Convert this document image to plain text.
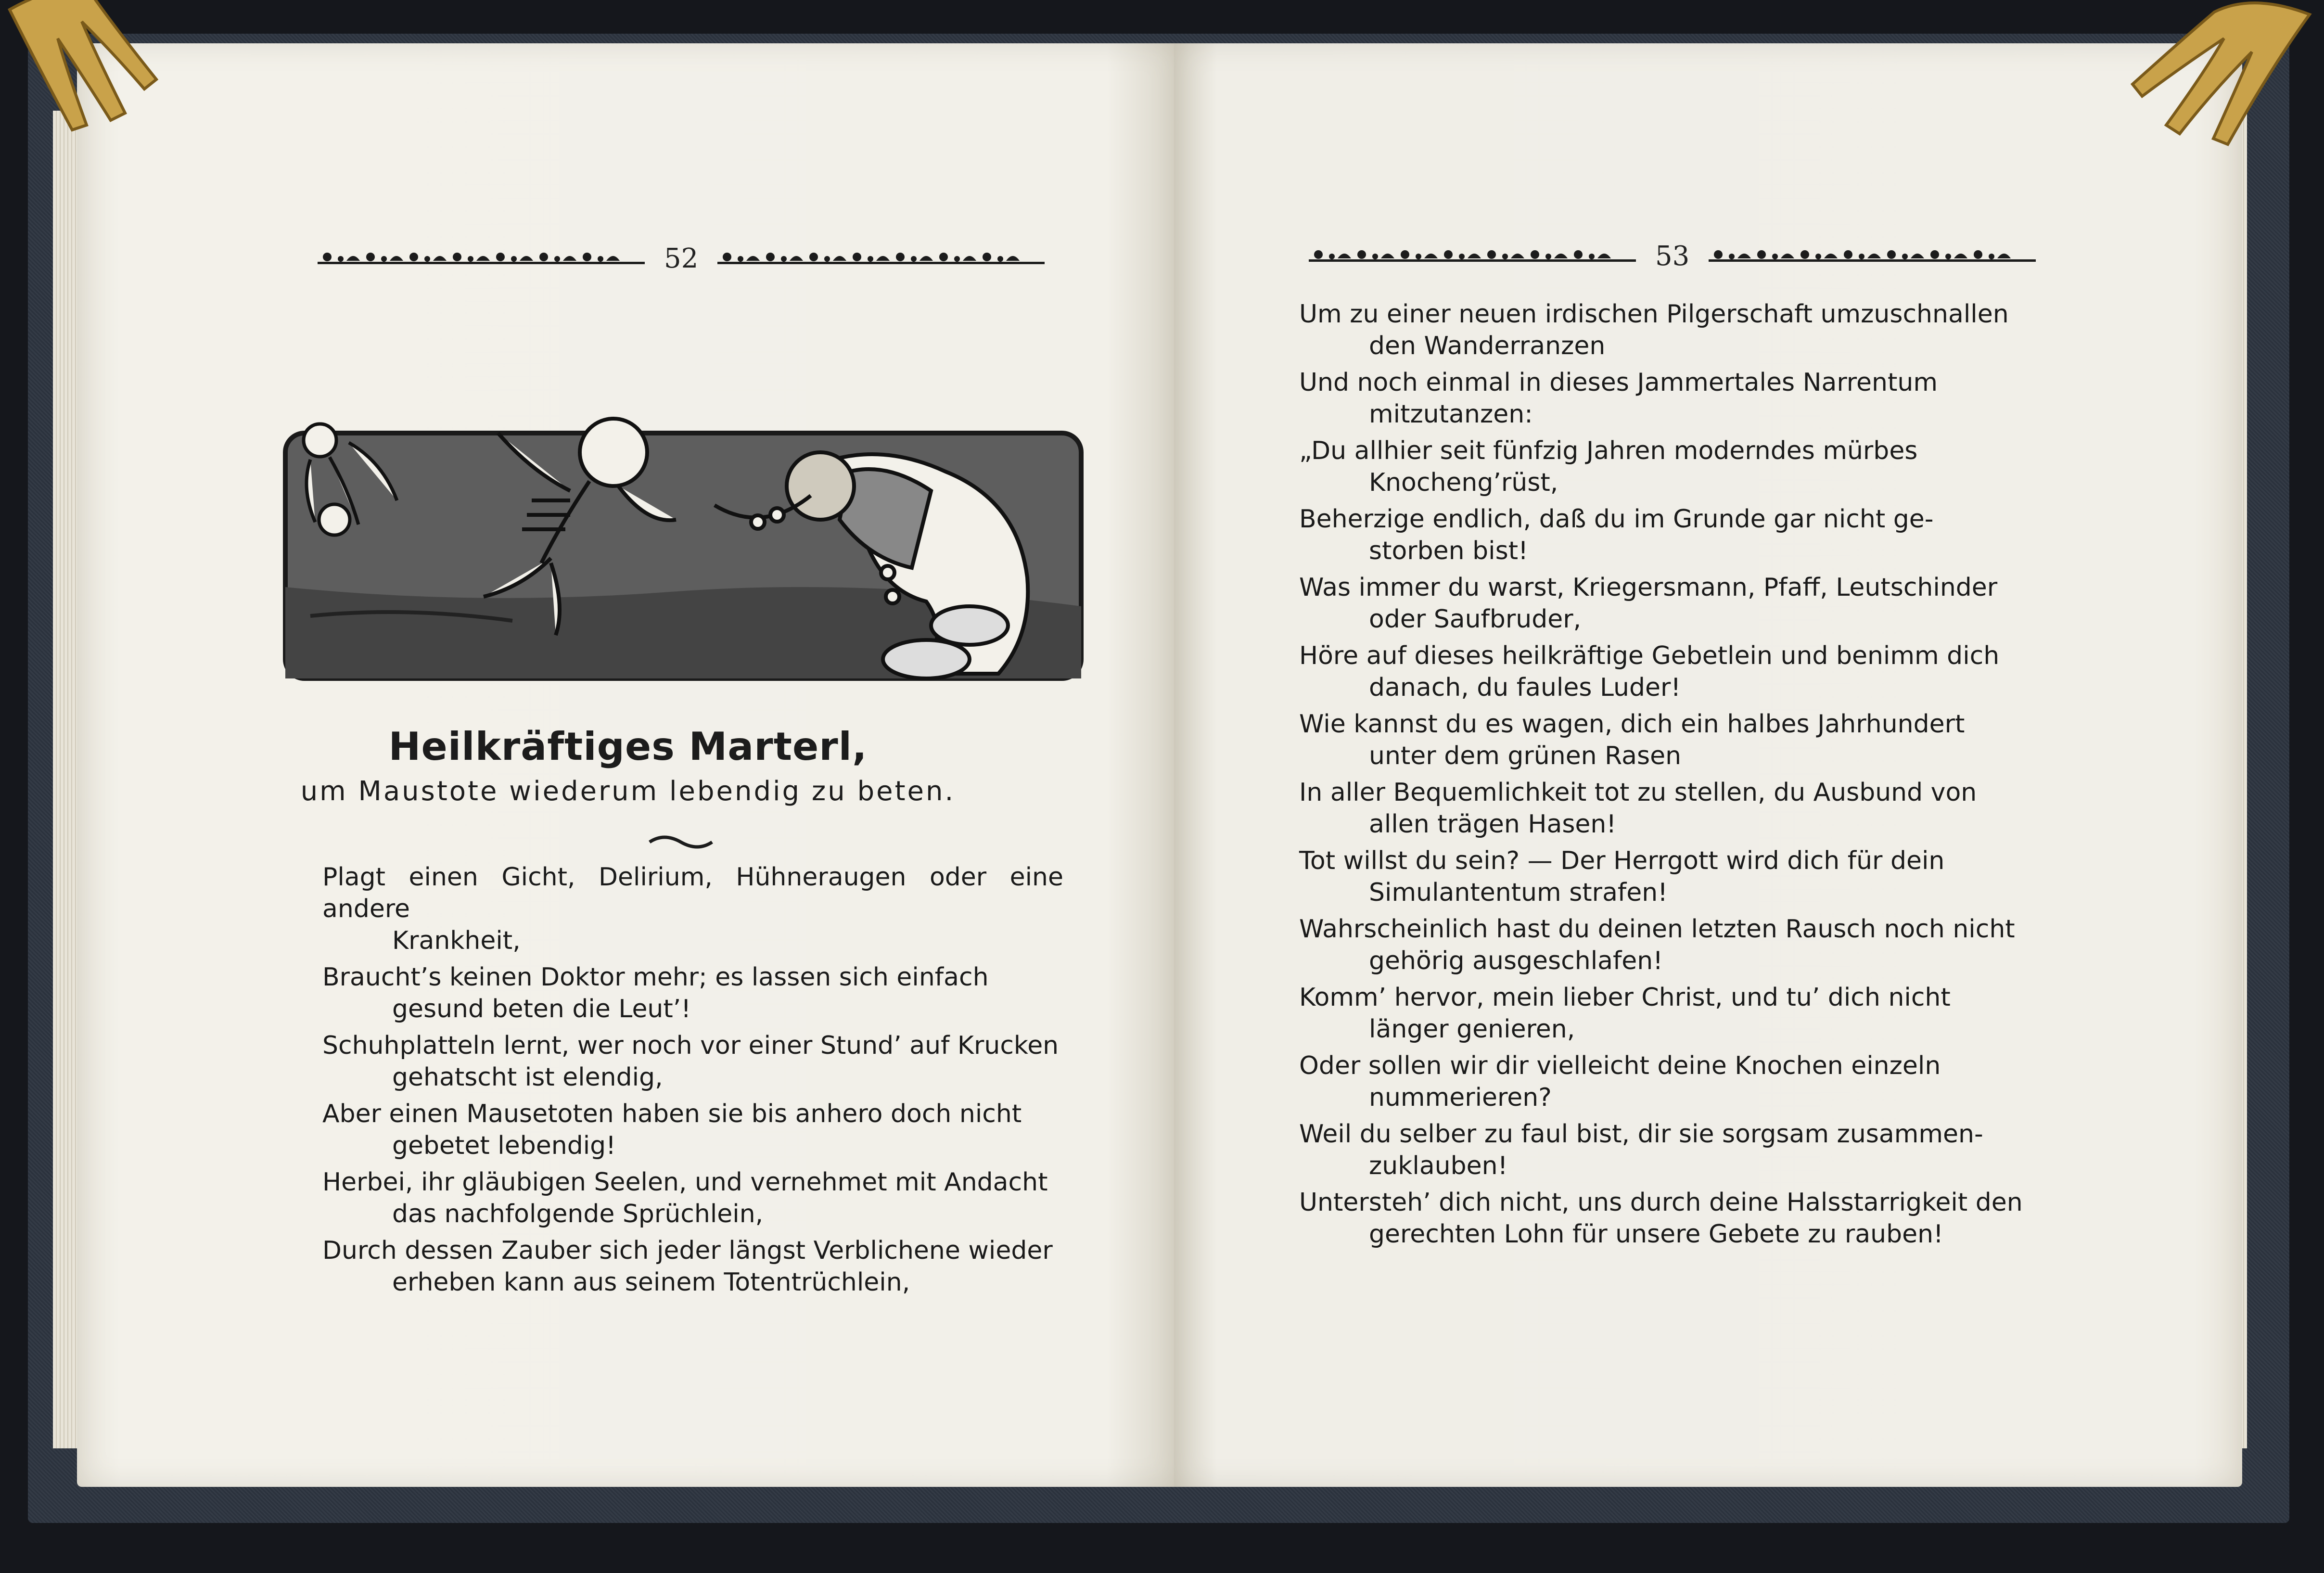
52
Heilkräftiges Marterl,
um Maustote wiederum lebendig zu beten.

Plagt einen Gicht, Delirium, Hühneraugen oder eine andere
Krankheit,

Braucht’s keinen Doktor mehr; es lassen sich einfach
gesund beten die Leut’!

Schuhplatteln lernt, wer noch vor einer Stund’ auf Krucken
gehatscht ist elendig,

Aber einen Mausetoten haben sie bis anhero doch nicht
gebetet lebendig!

Herbei, ihr gläubigen Seelen, und vernehmet mit Andacht
das nachfolgende Sprüchlein,

Durch dessen Zauber sich jeder längst Verblichene wieder
erheben kann aus seinem Totentrüchlein,

53

Um zu einer neuen irdischen Pilgerschaft umzuschnallen
den Wanderranzen

Und noch einmal in dieses Jammertales Narrentum
mitzutanzen:

„Du allhier seit fünfzig Jahren moderndes mürbes
Knocheng’rüst,

Beherzige endlich, daß du im Grunde gar nicht ge-
storben bist!

Was immer du warst, Kriegersmann, Pfaff, Leutschinder
oder Saufbruder,

Höre auf dieses heilkräftige Gebetlein und benimm dich
danach, du faules Luder!

Wie kannst du es wagen, dich ein halbes Jahrhundert
unter dem grünen Rasen

In aller Bequemlichkeit tot zu stellen, du Ausbund von
allen trägen Hasen!

Tot willst du sein? — Der Herrgott wird dich für dein
Simulantentum strafen!

Wahrscheinlich hast du deinen letzten Rausch noch nicht
gehörig ausgeschlafen!

Komm’ hervor, mein lieber Christ, und tu’ dich nicht
länger genieren,

Oder sollen wir dir vielleicht deine Knochen einzeln
nummerieren?

Weil du selber zu faul bist, dir sie sorgsam zusammen-
zuklauben!

Untersteh’ dich nicht, uns durch deine Halsstarrigkeit den
gerechten Lohn für unsere Gebete zu rauben!
